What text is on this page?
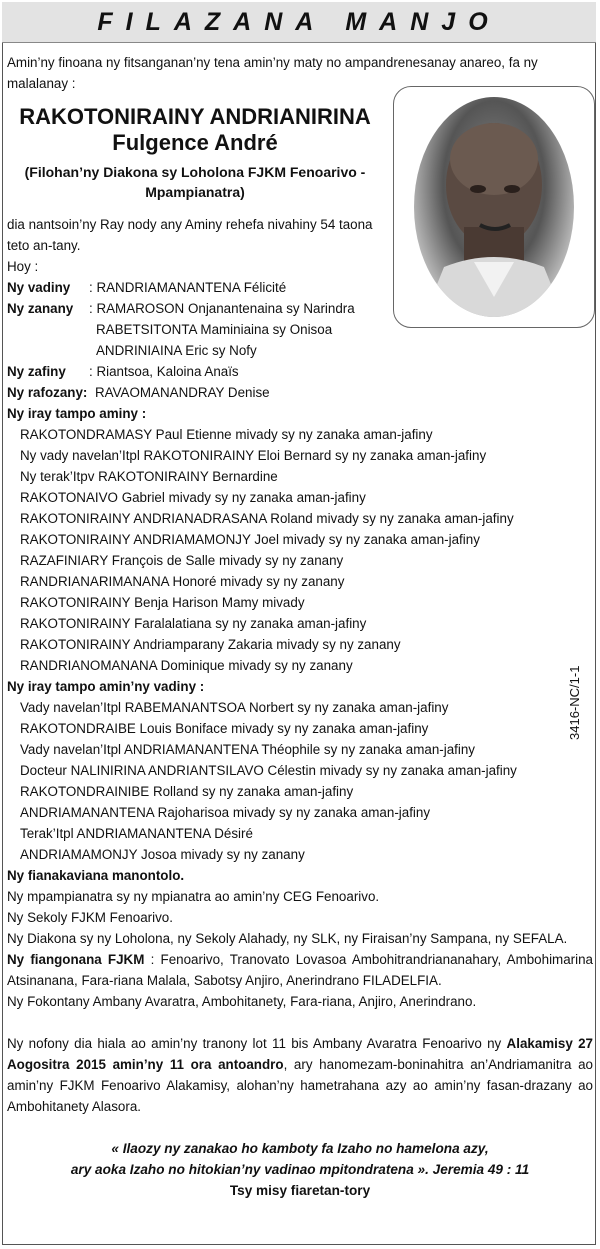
FILAZANA MANJO
3416-NC/1-1
Amin’ny finoana ny fitsanganan’ny tena amin’ny maty no ampandrenesanay anareo, fa ny malalanay :
RAKOTONIRAINY ANDRIANIRINA
Fulgence André
(Filohan’ny Diakona sy Loholona FJKM Fenoarivo - Mpampianatra)
dia nantsoin’ny Ray nody any Aminy rehefa nivahiny 54 taona teto an-tany.
Hoy :
Ny vadiny	: RANDRIAMANANTENA Félicité
Ny zanany	: RAMAROSON Onjanantenaina sy Narindra
RABETSITONTA Maminiaina sy Onisoa
ANDRINIAINA Eric sy Nofy
Ny zafiny	: Riantsoa, Kaloina Anaïs
Ny rafozany: RAVAOMANANDRAY Denise
Ny iray tampo aminy :
RAKOTONDRAMASY Paul Etienne mivady sy ny zanaka aman-jafiny
Ny vady navelan’Itpl RAKOTONIRAINY Eloi Bernard sy ny zanaka aman-jafiny
Ny terak’Itpv RAKOTONIRAINY Bernardine
RAKOTONAIVO Gabriel mivady sy ny zanaka aman-jafiny
RAKOTONIRAINY ANDRIANADRASANA Roland mivady sy ny zanaka aman-jafiny
RAKOTONIRAINY ANDRIAMAMONJY Joel mivady sy ny zanaka aman-jafiny
RAZAFINIARY François de Salle mivady sy ny zanany
RANDRIANARIMANANA Honoré mivady sy ny zanany
RAKOTONIRAINY Benja Harison Mamy mivady
RAKOTONIRAINY Faralalatiana sy ny zanaka aman-jafiny
RAKOTONIRAINY Andriamparany Zakaria mivady sy ny zanany
RANDRIANOMANANA Dominique mivady sy ny zanany
Ny iray tampo amin’ny vadiny :
Vady navelan’Itpl RABEMANANTSOA Norbert sy ny zanaka aman-jafiny
RAKOTONDRAIBE Louis Boniface mivady sy ny zanaka aman-jafiny
Vady navelan’Itpl ANDRIAMANANTENA Théophile sy ny zanaka aman-jafiny
Docteur NALINIRINA ANDRIANTSILAVO Célestin mivady sy ny zanaka aman-jafiny
RAKOTONDRAINIBE Rolland sy ny zanaka aman-jafiny
ANDRIAMANANTENA Rajoharisoa mivady sy ny zanaka aman-jafiny
Terak’Itpl ANDRIAMANANTENA Désiré
ANDRIAMAMONJY Josoa mivady sy ny zanany
Ny fianakaviana manontolo.
Ny mpampianatra sy ny mpianatra ao amin’ny CEG Fenoarivo.
Ny Sekoly FJKM Fenoarivo.
Ny Diakona sy ny Loholona, ny Sekoly Alahady, ny SLK, ny Firaisan’ny Sampana, ny SEFALA.
Ny fiangonana FJKM : Fenoarivo, Tranovato Lovasoa Ambohitrandriananahary, Ambohimarina Atsinanana, Fara-riana Malala, Sabotsy Anjiro, Anerindrano FILADELFIA.
Ny Fokontany Ambany Avaratra, Ambohitanety, Fara-riana, Anjiro, Anerindrano.
Ny nofony dia hiala ao amin’ny tranony lot 11 bis Ambany Avaratra Fenoarivo ny Alakamisy 27 Aogositra 2015 amin’ny 11 ora antoandro, ary hanomezam-boninahitra an’Andriamanitra ao amin’ny FJKM Fenoarivo Alakamisy, alohan’ny hametrahana azy ao amin’ny fasan-drazany ao Ambohitanety Alasora.
« Ilaozy ny zanakao ho kamboty fa Izaho no hamelona azy,
ary aoka Izaho no hitokian’ny vadinao mpitondratena ». Jeremia 49 : 11
Tsy misy fiaretan-tory
